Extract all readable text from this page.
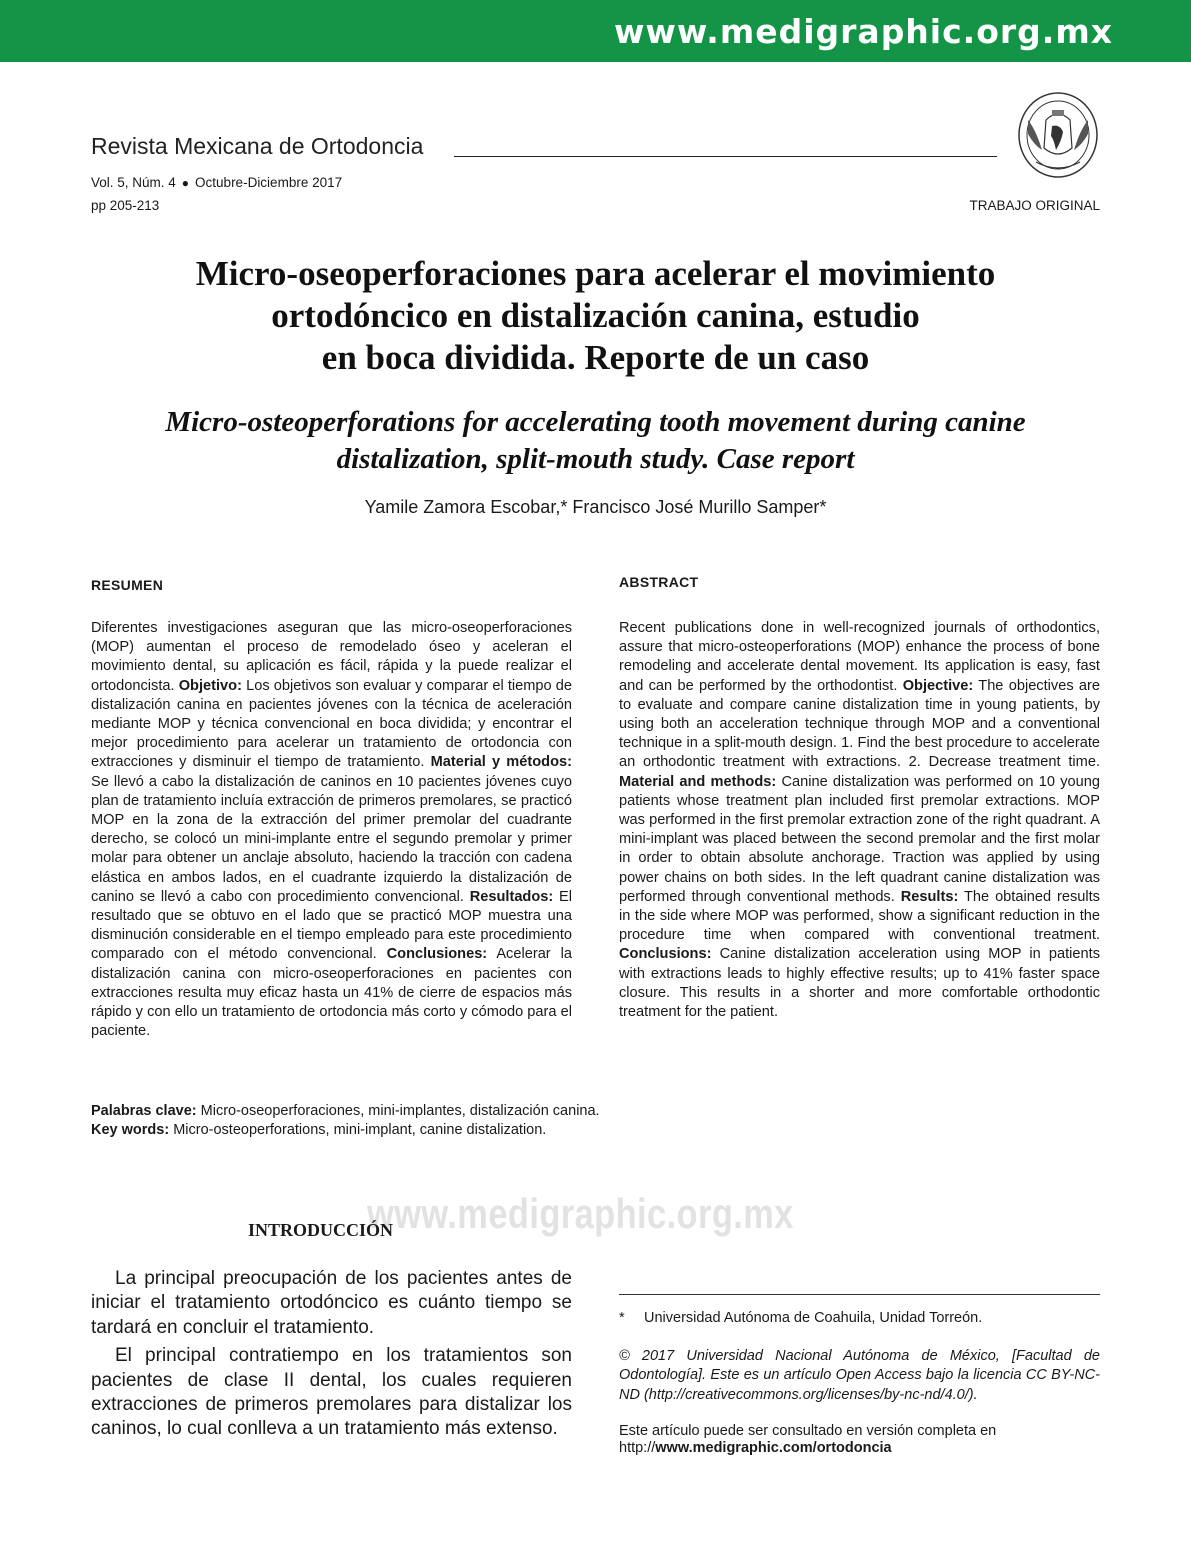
www.medigraphic.org.mx
Revista Mexicana de Ortodoncia
Vol. 5, Núm. 4 ● Octubre-Diciembre 2017
pp 205-213	TRABAJO ORIGINAL
Micro-oseoperforaciones para acelerar el movimiento
ortodóncico en distalización canina, estudio
en boca dividida. Reporte de un caso
Micro-osteoperforations for accelerating tooth movement during canine
distalization, split-mouth study. Case report
Yamile Zamora Escobar,* Francisco José Murillo Samper*
RESUMEN	ABSTRACT
Diferentes investigaciones aseguran que las micro-oseoperforaciones (MOP) aumentan el proceso de remodelado óseo y aceleran el movimiento dental, su aplicación es fácil, rápida y la puede realizar el ortodoncista. Objetivo: Los objetivos son evaluar y comparar el tiempo de distalización canina en pacientes jóvenes con la técnica de aceleración mediante MOP y técnica convencional en boca dividida; y encontrar el mejor procedimiento para acelerar un tratamiento de ortodoncia con extracciones y disminuir el tiempo de tratamiento. Material y métodos: Se llevó a cabo la distalización de caninos en 10 pacientes jóvenes cuyo plan de tratamiento incluía extracción de primeros premolares, se practicó MOP en la zona de la extracción del primer premolar del cuadrante derecho, se colocó un mini-implante entre el segundo premolar y primer molar para obtener un anclaje absoluto, haciendo la tracción con cadena elástica en ambos lados, en el cuadrante izquierdo la distalización de canino se llevó a cabo con procedimiento convencional. Resultados: El resultado que se obtuvo en el lado que se practicó MOP muestra una disminución considerable en el tiempo empleado para este procedimiento comparado con el método convencional. Conclusiones: Acelerar la distalización canina con micro-oseoperforaciones en pacientes con extracciones resulta muy eficaz hasta un 41% de cierre de espacios más rápido y con ello un tratamiento de ortodoncia más corto y cómodo para el paciente.
Recent publications done in well-recognized journals of orthodontics, assure that micro-osteoperforations (MOP) enhance the process of bone remodeling and accelerate dental movement. Its application is easy, fast and can be performed by the orthodontist. Objective: The objectives are to evaluate and compare canine distalization time in young patients, by using both an acceleration technique through MOP and a conventional technique in a split-mouth design. 1. Find the best procedure to accelerate an orthodontic treatment with extractions. 2. Decrease treatment time. Material and methods: Canine distalization was performed on 10 young patients whose treatment plan included first premolar extractions. MOP was performed in the first premolar extraction zone of the right quadrant. A mini-implant was placed between the second premolar and the first molar in order to obtain absolute anchorage. Traction was applied by using power chains on both sides. In the left quadrant canine distalization was performed through conventional methods. Results: The obtained results in the side where MOP was performed, show a significant reduction in the procedure time when compared with conventional treatment. Conclusions: Canine distalization acceleration using MOP in patients with extractions leads to highly effective results; up to 41% faster space closure. This results in a shorter and more comfortable orthodontic treatment for the patient.
Palabras clave: Micro-oseoperforaciones, mini-implantes, distalización canina.
Key words: Micro-osteoperforations, mini-implant, canine distalization.
www.medigraphic.org.mx
INTRODUCCIÓN

La principal preocupación de los pacientes antes de iniciar el tratamiento ortodóncico es cuánto tiempo se tardará en concluir el tratamiento.

El principal contratiempo en los tratamientos son pacientes de clase II dental, los cuales requieren extracciones de primeros premolares para distalizar los caninos, lo cual conlleva a un tratamiento más extenso.

* Universidad Autónoma de Coahuila, Unidad Torreón.
© 2017 Universidad Nacional Autónoma de México, [Facultad de Odontología]. Este es un artículo Open Access bajo la licencia CC BY-NC-ND (http://creativecommons.org/licenses/by-nc-nd/4.0/).
Este artículo puede ser consultado en versión completa en
http://www.medigraphic.com/ortodoncia
